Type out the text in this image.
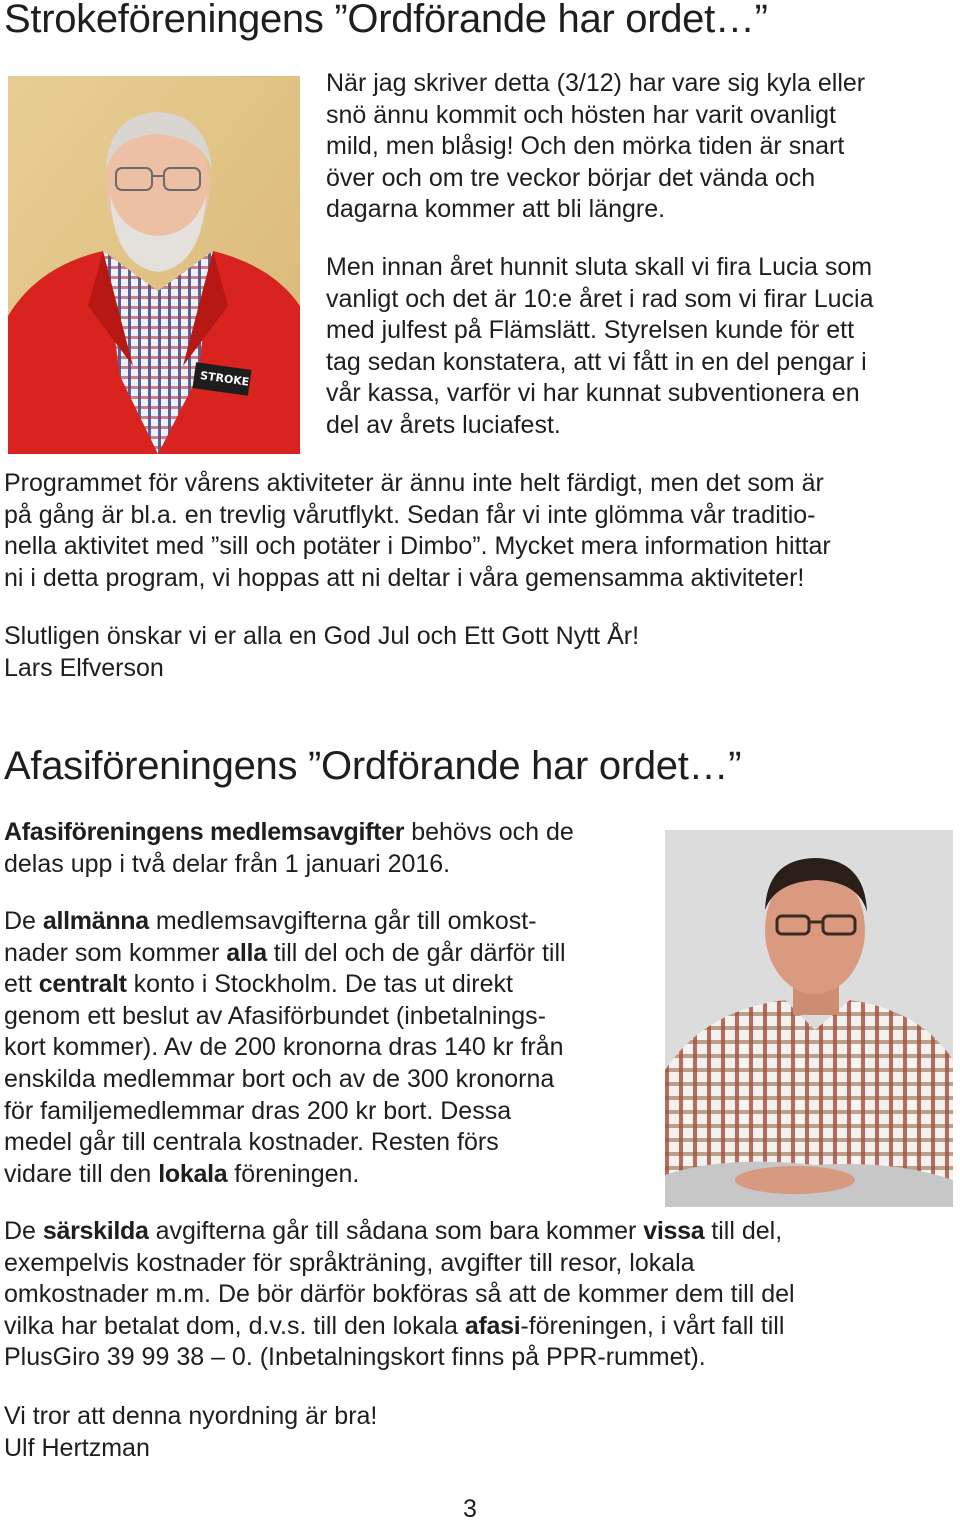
Strokeföreningens ”Ordförande har ordet…”
STROKE
När jag skriver detta (3/12) har vare sig kyla eller
snö ännu kommit och hösten har varit ovanligt
mild, men blåsig! Och den mörka tiden är snart
över och om tre veckor börjar det vända och
dagarna kommer att bli längre.
Men innan året hunnit sluta skall vi fira Lucia som
vanligt och det är 10:e året i rad som vi firar Lucia
med julfest på Flämslätt. Styrelsen kunde för ett
tag sedan konstatera, att vi fått in en del pengar i
vår kassa, varför vi har kunnat subventionera en
del av årets luciafest.
Programmet för vårens aktiviteter är ännu inte helt färdigt, men det som är
på gång är bl.a. en trevlig vårutflykt. Sedan får vi inte glömma vår traditio-
nella aktivitet med ”sill och potäter i Dimbo”. Mycket mera information hittar
ni i detta program, vi hoppas att ni deltar i våra gemensamma aktiviteter!
Slutligen önskar vi er alla en God Jul och Ett Gott Nytt År!
Lars Elfverson
Afasiföreningens ”Ordförande har ordet…”
Afasiföreningens medlemsavgifter behövs och de
delas upp i två delar från 1 januari 2016.
De allmänna medlemsavgifterna går till omkost-
nader som kommer alla till del och de går därför till
ett centralt konto i Stockholm. De tas ut direkt
genom ett beslut av Afasiförbundet (inbetalnings-
kort kommer). Av de 200 kronorna dras 140 kr från
enskilda medlemmar bort och av de 300 kronorna
för familjemedlemmar dras 200 kr bort. Dessa
medel går till centrala kostnader. Resten förs
vidare till den lokala föreningen.
De särskilda avgifterna går till sådana som bara kommer vissa till del,
exempelvis kostnader för språkträning, avgifter till resor, lokala
omkostnader m.m. De bör därför bokföras så att de kommer dem till del
vilka har betalat dom, d.v.s. till den lokala afasi-föreningen, i vårt fall till
PlusGiro 39 99 38 – 0. (Inbetalningskort finns på PPR-rummet).
Vi tror att denna nyordning är bra!
Ulf Hertzman
3
